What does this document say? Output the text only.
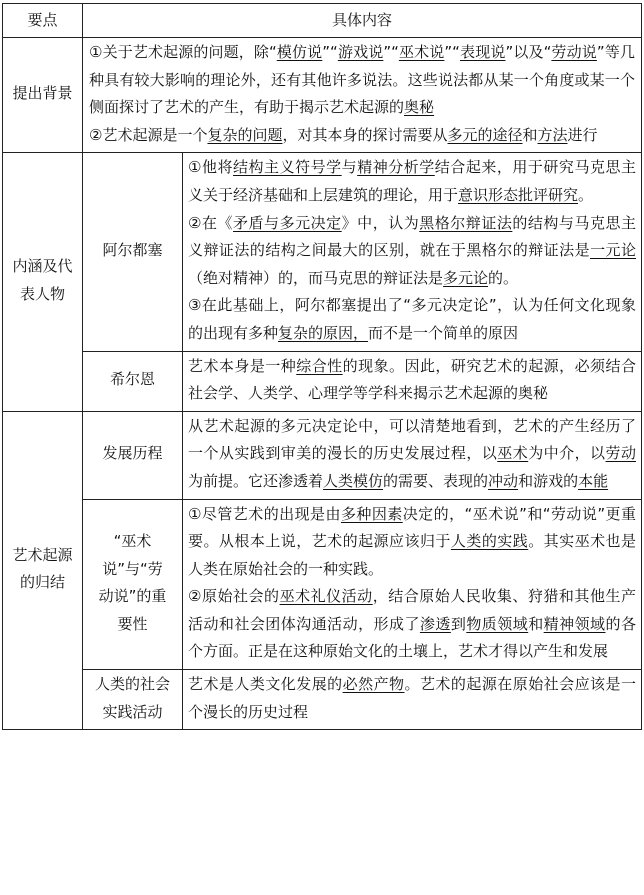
要点	具体内容	
提出背景	①关于艺术起源的问题，除“模仿说”“游戏说”“巫术说”“表现说”以及“劳动说”等几种具有较大影响的理论外，还有其他许多说法。这些说法都从某一个角度或某一个侧面探讨了艺术的产生，有助于揭示艺术起源的奥秘
②艺术起源是一个复杂的问题，对其本身的探讨需要从多元的途径和方法进行	

内涵及代表人物	阿尔都塞	①他将结构主义符号学与精神分析学结合起来，用于研究马克思主义关于经济基础和上层建筑的理论，用于意识形态批评研究。
②在《矛盾与多元决定》中，认为黑格尔辩证法的结构与马克思主义辩证法的结构之间最大的区别，就在于黑格尔的辩证法是一元论（绝对精神）的，而马克思的辩证法是多元论的。
③在此基础上，阿尔都塞提出了“多元决定论”，认为任何文化现象的出现有多种复杂的原因，而不是一个简单的原因

	希尔恩	艺术本身是一种综合性的现象。因此，研究艺术的起源，必须结合社会学、人类学、心理学等学科来揭示艺术起源的奥秘

艺术起源的归结	发展历程	从艺术起源的多元决定论中，可以清楚地看到，艺术的产生经历了一个从实践到审美的漫长的历史发展过程，以巫术为中介，以劳动为前提。它还渗透着人类模仿的需要、表现的冲动和游戏的本能

	“巫术说”与“劳动说”的重要性	①尽管艺术的出现是由多种因素决定的，“巫术说”和“劳动说”更重要。从根本上说，艺术的起源应该归于人类的实践。其实巫术也是人类在原始社会的一种实践。
②原始社会的巫术礼仪活动，结合原始人民收集、狩猎和其他生产活动和社会团体沟通活动，形成了渗透到物质领域和精神领域的各个方面。正是在这种原始文化的土壤上，艺术才得以产生和发展

	人类的社会实践活动	艺术是人类文化发展的必然产物。艺术的起源在原始社会应该是一个漫长的历史过程
